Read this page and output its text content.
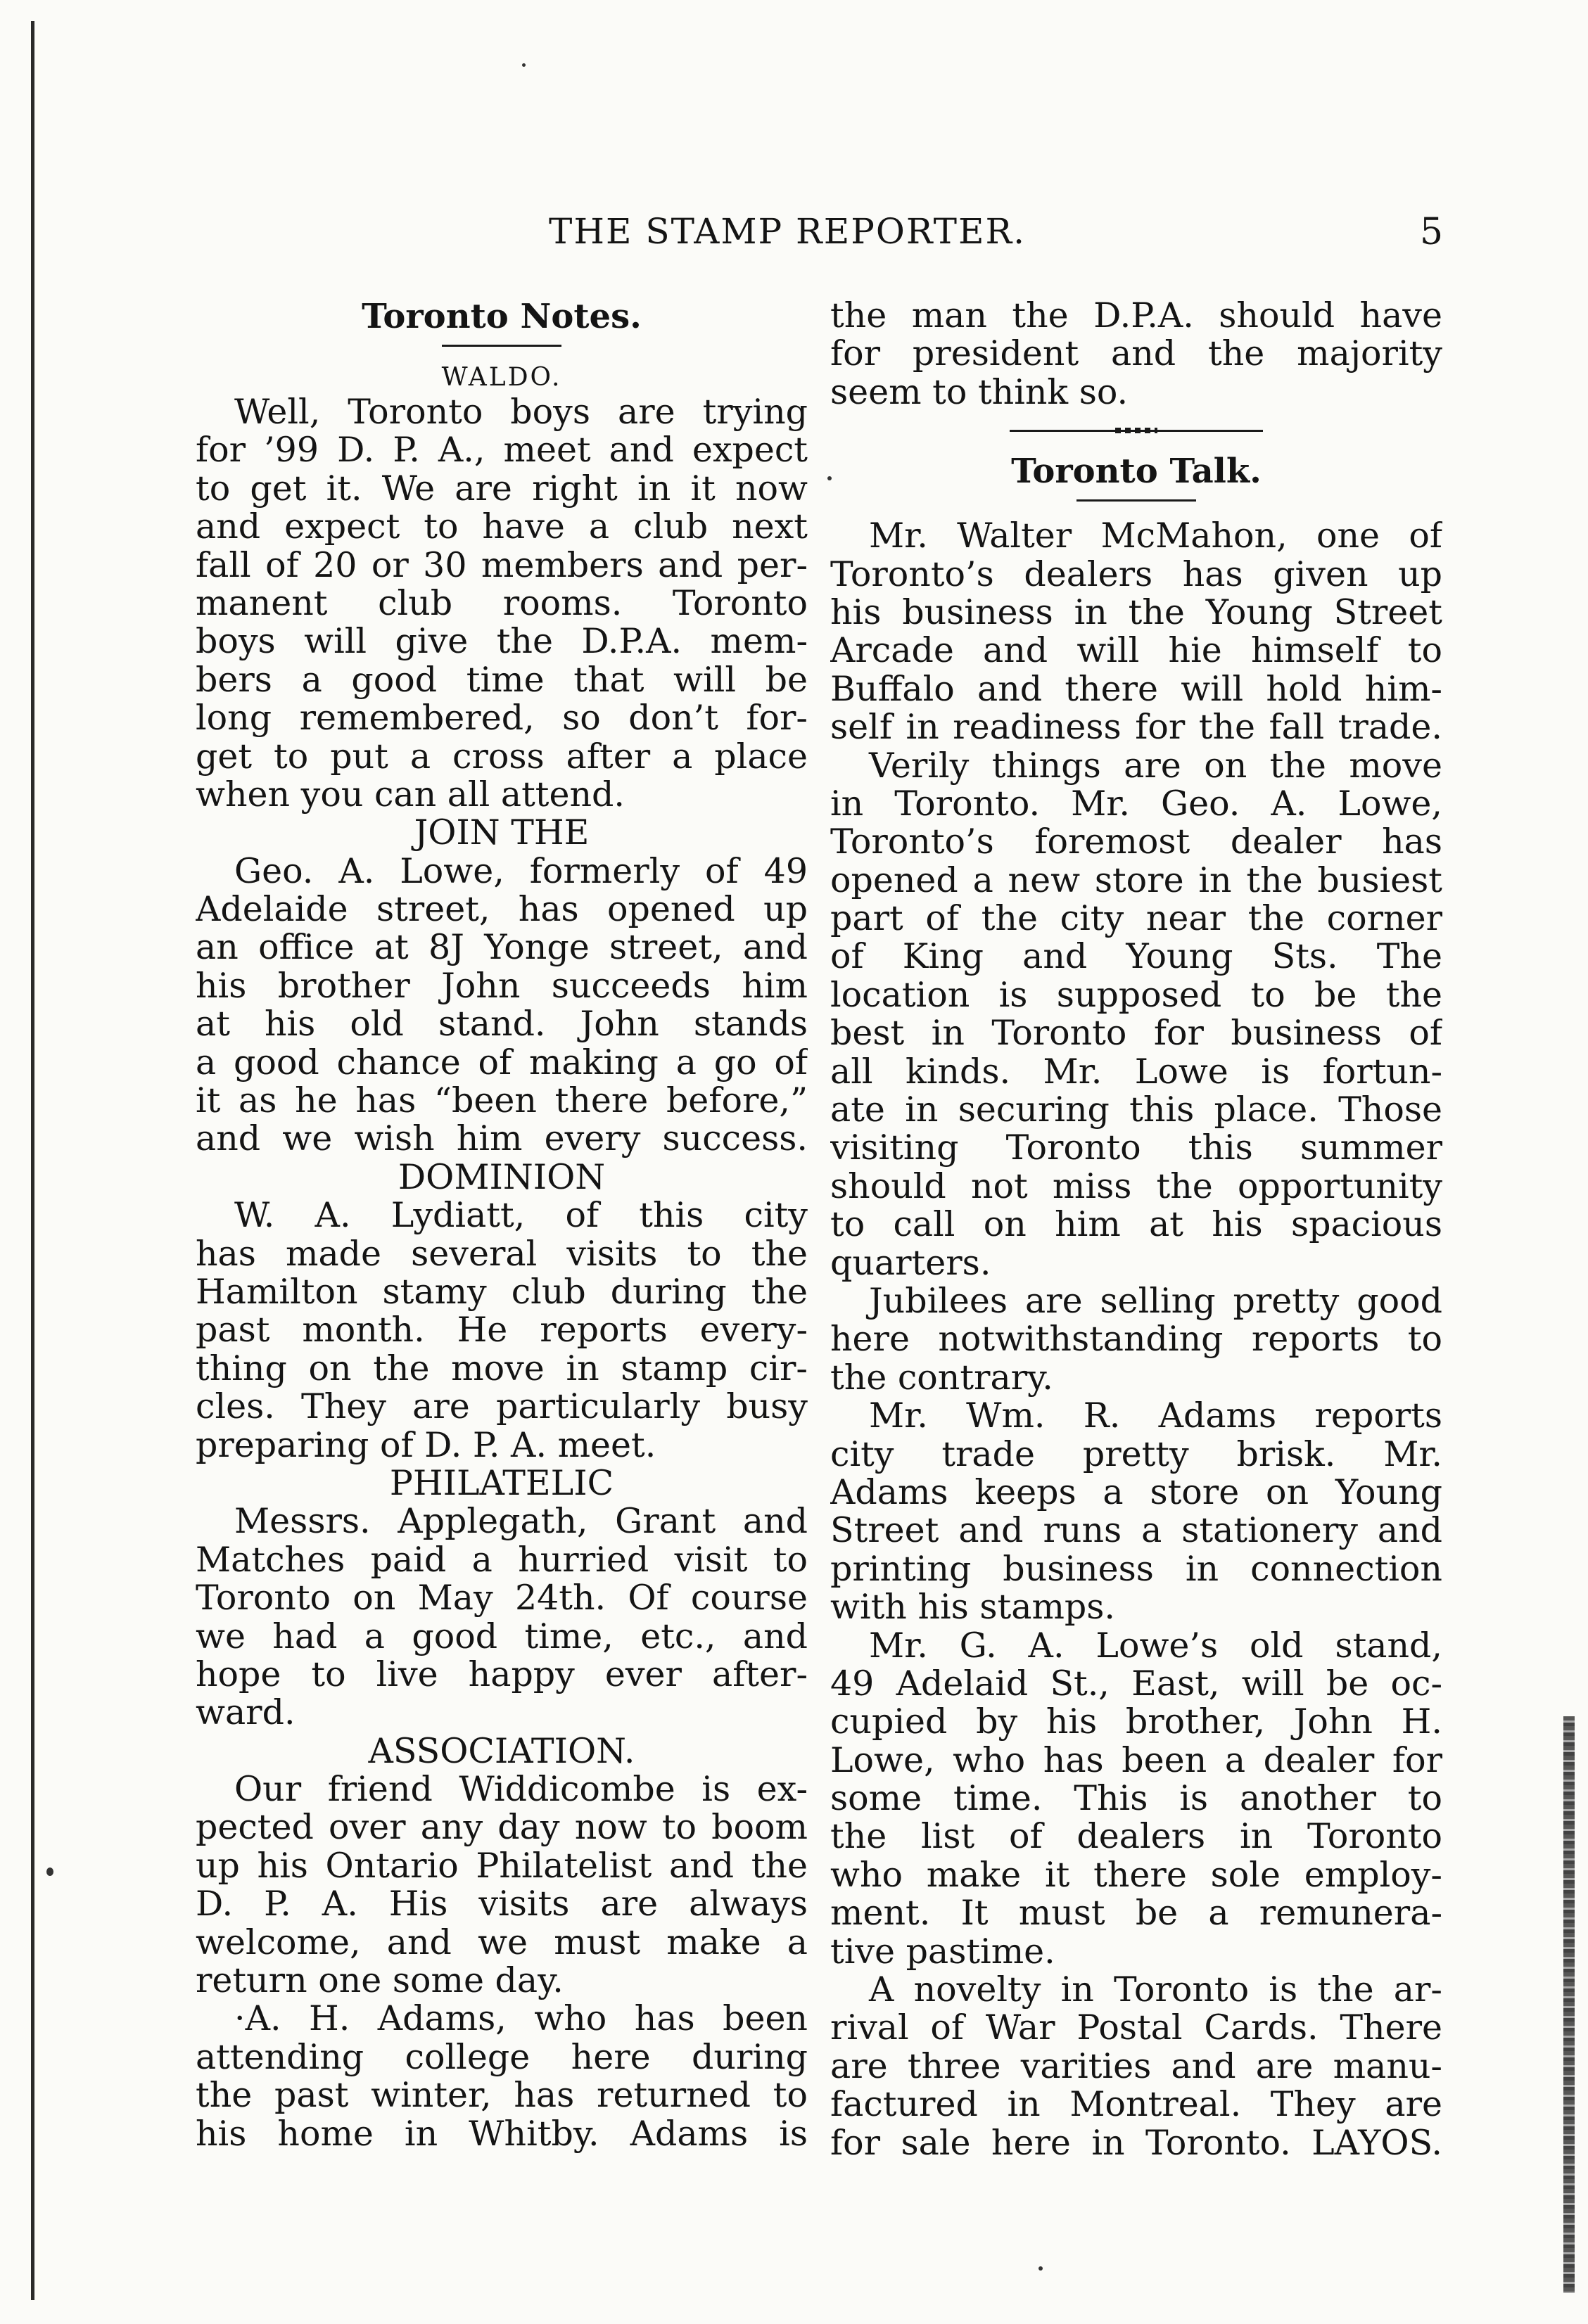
THE STAMP REPORTER.	5
Toronto Notes.
WALDO.
Well, Toronto boys are trying
for ’99 D. P. A., meet and expect
to get it. We are right in it now
and expect to have a club next
fall of 20 or 30 members and per-
manent club rooms. Toronto
boys will give the D.P.A. mem-
bers a good time that will be
long remembered, so don’t for-
get to put a cross after a place
when you can all attend.
JOIN THE
Geo. A. Lowe, formerly of 49
Adelaide street, has opened up
an office at 8J Yonge street, and
his brother John succeeds him
at his old stand. John stands
a good chance of making a go of
it as he has “been there before,”
and we wish him every success.
DOMINION
W. A. Lydiatt, of this city
has made several visits to the
Hamilton stamy club during the
past month. He reports every-
thing on the move in stamp cir-
cles. They are particularly busy
preparing of D. P. A. meet.
PHILATELIC
Messrs. Applegath, Grant and
Matches paid a hurried visit to
Toronto on May 24th. Of course
we had a good time, etc., and
hope to live happy ever after-
ward.
ASSOCIATION.
Our friend Widdicombe is ex-
pected over any day now to boom
up his Ontario Philatelist and the
D. P. A. His visits are always
welcome, and we must make a
return one some day.
·A. H. Adams, who has been
attending college here during
the past winter, has returned to
his home in Whitby. Adams is
the man the D.P.A. should have
for president and the majority
seem to think so.
Toronto Talk.
Mr. Walter McMahon, one of
Toronto’s dealers has given up
his business in the Young Street
Arcade and will hie himself to
Buffalo and there will hold him-
self in readiness for the fall trade.
Verily things are on the move
in Toronto. Mr. Geo. A. Lowe,
Toronto’s foremost dealer has
opened a new store in the busiest
part of the city near the corner
of King and Young Sts. The
location is supposed to be the
best in Toronto for business of
all kinds. Mr. Lowe is fortun-
ate in securing this place. Those
visiting Toronto this summer
should not miss the opportunity
to call on him at his spacious
quarters.
Jubilees are selling pretty good
here notwithstanding reports to
the contrary.
Mr. Wm. R. Adams reports
city trade pretty brisk. Mr.
Adams keeps a store on Young
Street and runs a stationery and
printing business in connection
with his stamps.
Mr. G. A. Lowe’s old stand,
49 Adelaid St., East, will be oc-
cupied by his brother, John H.
Lowe, who has been a dealer for
some time. This is another to
the list of dealers in Toronto
who make it there sole employ-
ment. It must be a remunera-
tive pastime.
A novelty in Toronto is the ar-
rival of War Postal Cards. There
are three varities and are manu-
factured in Montreal. They are
for sale here in Toronto. LAYOS.
